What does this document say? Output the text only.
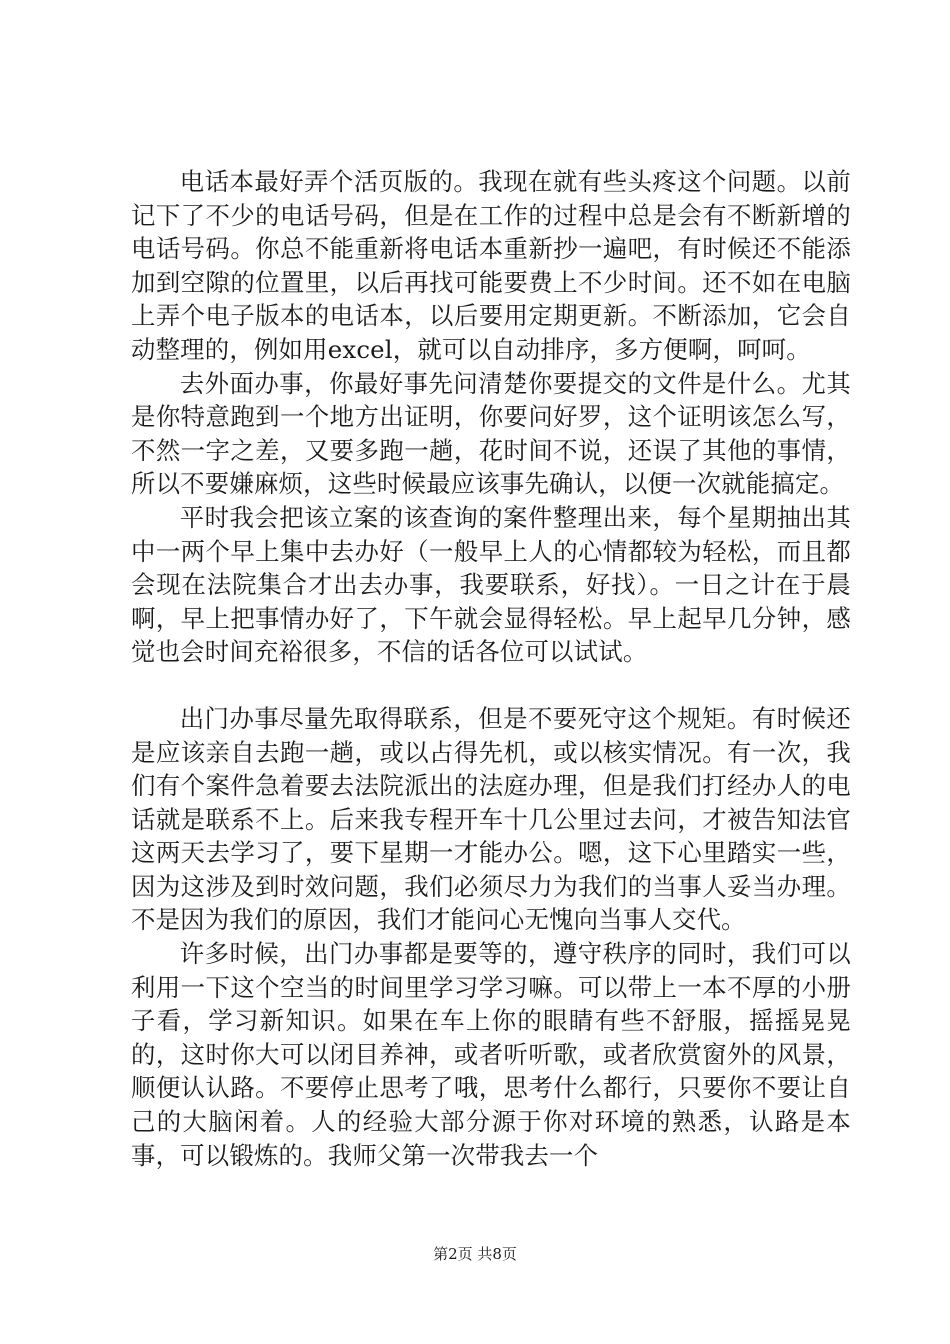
电话本最好弄个活页版的。我现在就有些头疼这个问题。以前记下了不少的电话号码，但是在工作的过程中总是会有不断新增的电话号码。你总不能重新将电话本重新抄一遍吧，有时候还不能添加到空隙的位置里，以后再找可能要费上不少时间。还不如在电脑上弄个电子版本的电话本，以后要用定期更新。不断添加，它会自动整理的，例如用excel，就可以自动排序，多方便啊，呵呵。

去外面办事，你最好事先问清楚你要提交的文件是什么。尤其是你特意跑到一个地方出证明，你要问好罗，这个证明该怎么写，不然一字之差，又要多跑一趟，花时间不说，还误了其他的事情，所以不要嫌麻烦，这些时候最应该事先确认，以便一次就能搞定。

平时我会把该立案的该查询的案件整理出来，每个星期抽出其中一两个早上集中去办好（一般早上人的心情都较为轻松，而且都会现在法院集合才出去办事，我要联系，好找）。一日之计在于晨啊，早上把事情办好了，下午就会显得轻松。早上起早几分钟，感觉也会时间充裕很多，不信的话各位可以试试。

出门办事尽量先取得联系，但是不要死守这个规矩。有时候还是应该亲自去跑一趟，或以占得先机，或以核实情况。有一次，我们有个案件急着要去法院派出的法庭办理，但是我们打经办人的电话就是联系不上。后来我专程开车十几公里过去问，才被告知法官这两天去学习了，要下星期一才能办公。嗯，这下心里踏实一些，因为这涉及到时效问题，我们必须尽力为我们的当事人妥当办理。不是因为我们的原因，我们才能问心无愧向当事人交代。

许多时候，出门办事都是要等的，遵守秩序的同时，我们可以利用一下这个空当的时间里学习学习嘛。可以带上一本不厚的小册子看，学习新知识。如果在车上你的眼睛有些不舒服，摇摇晃晃的，这时你大可以闭目养神，或者听听歌，或者欣赏窗外的风景，顺便认认路。不要停止思考了哦，思考什么都行，只要你不要让自己的大脑闲着。人的经验大部分源于你对环境的熟悉，认路是本事，可以锻炼的。我师父第一次带我去一个

第2页 共8页
